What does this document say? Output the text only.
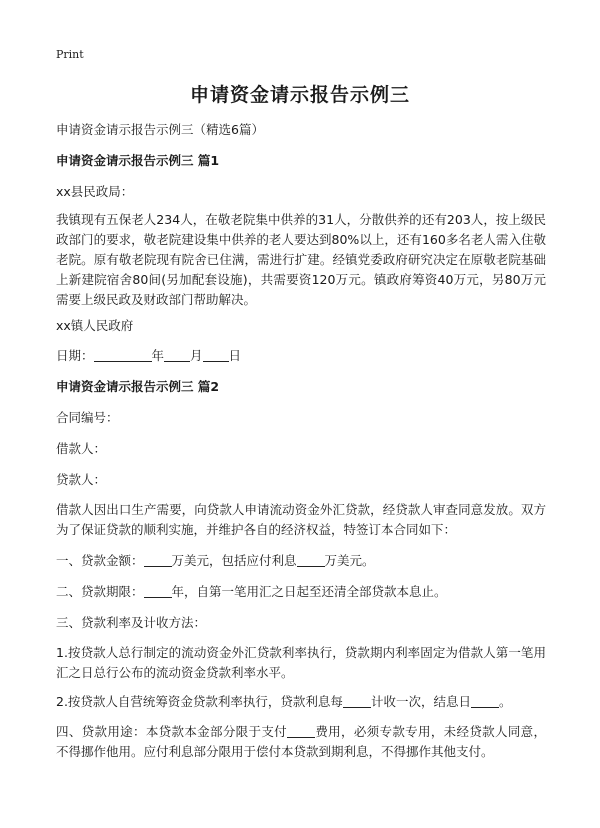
Print
申请资金请示报告示例三
申请资金请示报告示例三（精选6篇）
申请资金请示报告示例三 篇1
xx县民政局：

我镇现有五保老人234人，在敬老院集中供养的31人，分散供养的还有203人，按上级民政部门的要求，敬老院建设集中供养的老人要达到80%以上，还有160多名老人需入住敬老院。原有敬老院现有院舍已住满，需进行扩建。经镇党委政府研究决定在原敬老院基础上新建院宿舍80间(另加配套设施)，共需要资120万元。镇政府筹资40万元，另80万元需要上级民政及财政部门帮助解决。

xx镇人民政府
日期：	年 月 日
申请资金请示报告示例三 篇2
合同编号：
借款人：
贷款人：

借款人因出口生产需要，向贷款人申请流动资金外汇贷款，经贷款人审查同意发放。双方为了保证贷款的顺利实施，并维护各自的经济权益，特签订本合同如下：

一、贷款金额： 万美元，包括应付利息 万美元。
二、贷款期限： 年，自第一笔用汇之日起至还清全部贷款本息止。
三、贷款利率及计收方法：

1.按贷款人总行制定的流动资金外汇贷款利率执行，贷款期内利率固定为借款人第一笔用汇之日总行公布的流动资金贷款利率水平。

2.按贷款人自营统筹资金贷款利率执行，贷款利息每 计收一次，结息日 。

四、贷款用途：本贷款本金部分限于支付 费用，必须专款专用，未经贷款人同意，不得挪作他用。应付利息部分限用于偿付本贷款到期利息，不得挪作其他支付。
